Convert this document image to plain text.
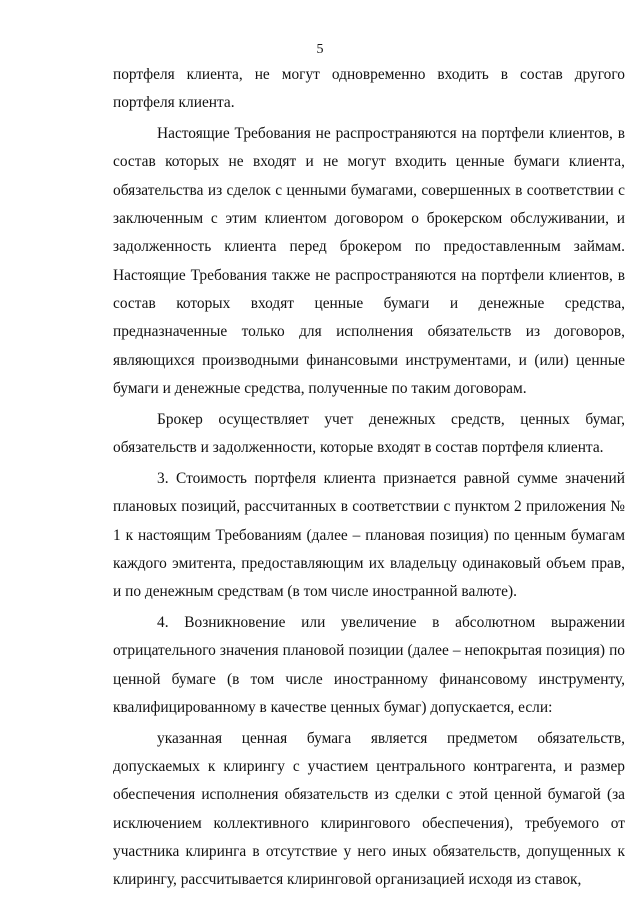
5

портфеля клиента, не могут одновременно входить в состав другого портфеля клиента.

Настоящие Требования не распространяются на портфели клиентов, в состав которых не входят и не могут входить ценные бумаги клиента, обязательства из сделок с ценными бумагами, совершенных в соответствии с заключенным с этим клиентом договором о брокерском обслуживании, и задолженность клиента перед брокером по предоставленным займам. Настоящие Требования также не распространяются на портфели клиентов, в состав которых входят ценные бумаги и денежные средства, предназначенные только для исполнения обязательств из договоров, являющихся производными финансовыми инструментами, и (или) ценные бумаги и денежные средства, полученные по таким договорам.

Брокер осуществляет учет денежных средств, ценных бумаг, обязательств и задолженности, которые входят в состав портфеля клиента.

3. Стоимость портфеля клиента признается равной сумме значений плановых позиций, рассчитанных в соответствии с пунктом 2 приложения № 1 к настоящим Требованиям (далее – плановая позиция) по ценным бумагам каждого эмитента, предоставляющим их владельцу одинаковый объем прав, и по денежным средствам (в том числе иностранной валюте).

4. Возникновение или увеличение в абсолютном выражении отрицательного значения плановой позиции (далее – непокрытая позиция) по ценной бумаге (в том числе иностранному финансовому инструменту, квалифицированному в качестве ценных бумаг) допускается, если:

указанная ценная бумага является предметом обязательств, допускаемых к клирингу с участием центрального контрагента, и размер обеспечения исполнения обязательств из сделки с этой ценной бумагой (за исключением коллективного клирингового обеспечения), требуемого от участника клиринга в отсутствие у него иных обязательств, допущенных к клирингу, рассчитывается клиринговой организацией исходя из ставок,
